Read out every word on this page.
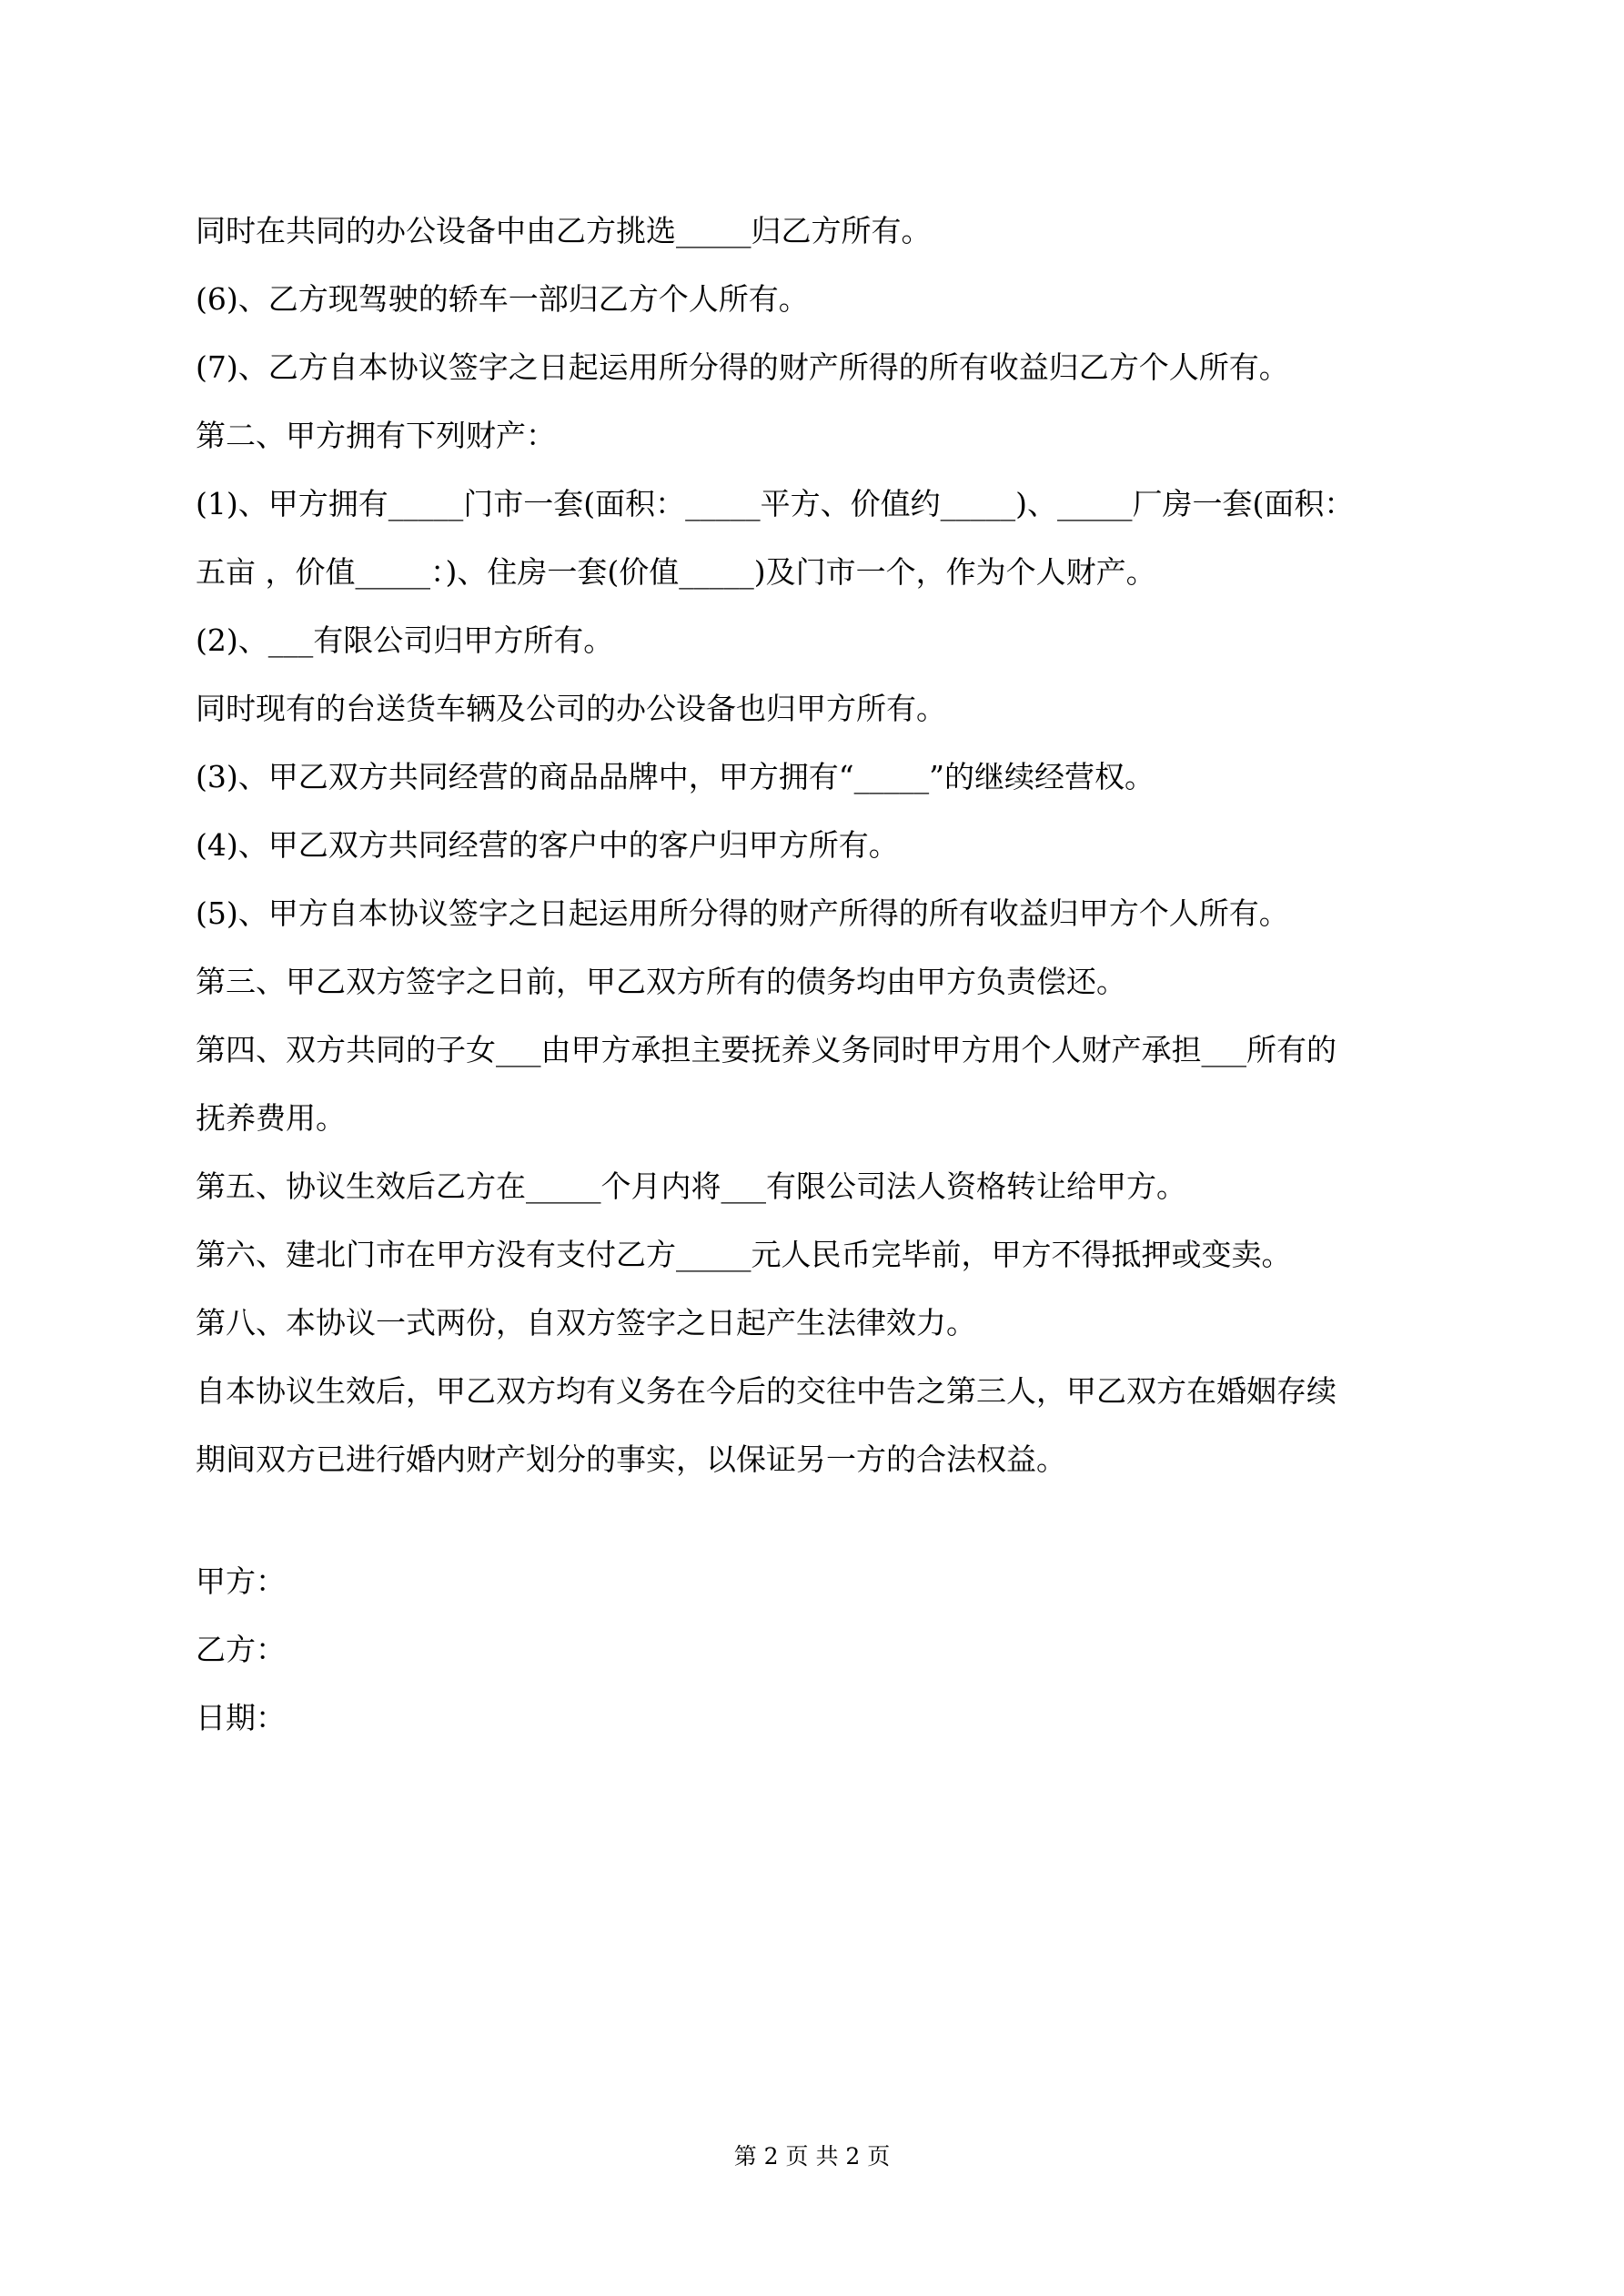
同时在共同的办公设备中由乙方挑选_____归乙方所有。
(6)、乙方现驾驶的轿车一部归乙方个人所有。
(7)、乙方自本协议签字之日起运用所分得的财产所得的所有收益归乙方个人所有。
第二、甲方拥有下列财产：
(1)、甲方拥有_____门市一套(面积：_____平方、价值约_____)、_____厂房一套(面积：
五亩 ，价值_____：)、住房一套(价值_____)及门市一个，作为个人财产。
(2)、___有限公司归甲方所有。
同时现有的台送货车辆及公司的办公设备也归甲方所有。
(3)、甲乙双方共同经营的商品品牌中，甲方拥有“_____”的继续经营权。
(4)、甲乙双方共同经营的客户中的客户归甲方所有。
(5)、甲方自本协议签字之日起运用所分得的财产所得的所有收益归甲方个人所有。
第三、甲乙双方签字之日前，甲乙双方所有的债务均由甲方负责偿还。
第四、双方共同的子女___由甲方承担主要抚养义务同时甲方用个人财产承担___所有的
抚养费用。
第五、协议生效后乙方在_____个月内将___有限公司法人资格转让给甲方。
第六、建北门市在甲方没有支付乙方_____元人民币完毕前，甲方不得抵押或变卖。
第八、本协议一式两份，自双方签字之日起产生法律效力。
自本协议生效后，甲乙双方均有义务在今后的交往中告之第三人，甲乙双方在婚姻存续
期间双方已进行婚内财产划分的事实，以保证另一方的合法权益。
甲方：
乙方：
日期：
第 2 页 共 2 页
